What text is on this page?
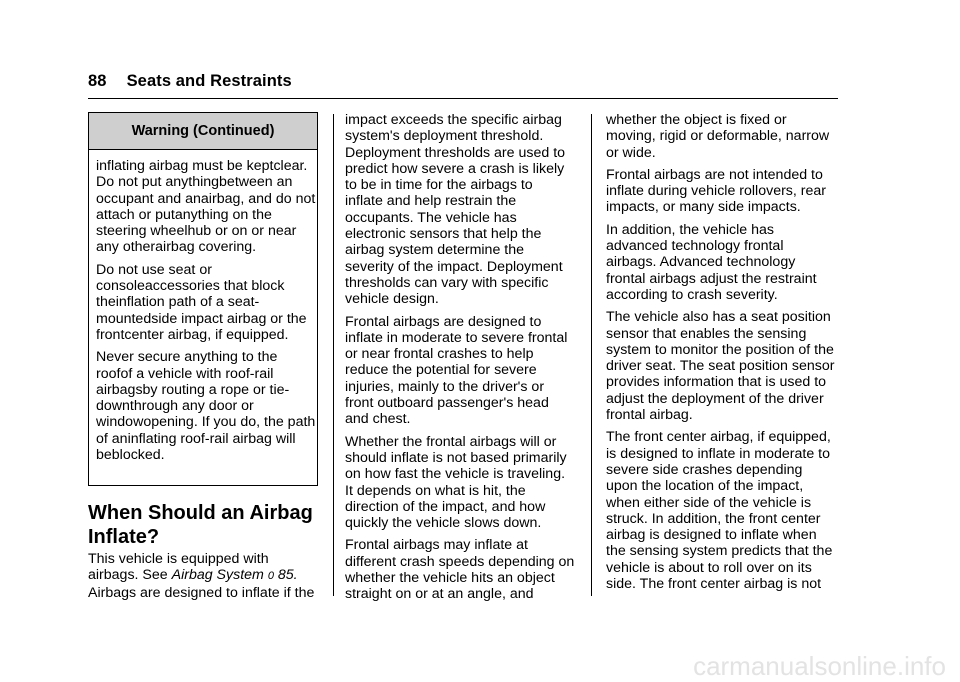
88 Seats and Restraints
Warning (Continued)

inflating airbag must be keptclear. Do not put anythingbetween an occupant and anairbag, and do not attach or putanything on the steering wheelhub or on or near any otherairbag covering.

Do not use seat or consoleaccessories that block theinflation path of a seat-mountedside impact airbag or the frontcenter airbag, if equipped.

Never secure anything to the roofof a vehicle with roof-rail airbagsby routing a rope or tie-downthrough any door or windowopening. If you do, the path of aninflating roof-rail airbag will beblocked.

When Should an Airbag
Inflate?
This vehicle is equipped with
airbags. See Airbag System 0 85.
Airbags are designed to inflate if the

impact exceeds the specific airbag
system's deployment threshold.
Deployment thresholds are used to
predict how severe a crash is likely
to be in time for the airbags to
inflate and help restrain the
occupants. The vehicle has
electronic sensors that help the
airbag system determine the
severity of the impact. Deployment
thresholds can vary with specific
vehicle design.

Frontal airbags are designed to
inflate in moderate to severe frontal
or near frontal crashes to help
reduce the potential for severe
injuries, mainly to the driver's or
front outboard passenger's head
and chest.

Whether the frontal airbags will or
should inflate is not based primarily
on how fast the vehicle is traveling.
It depends on what is hit, the
direction of the impact, and how
quickly the vehicle slows down.

Frontal airbags may inflate at
different crash speeds depending on
whether the vehicle hits an object
straight on or at an angle, and

whether the object is fixed or
moving, rigid or deformable, narrow
or wide.

Frontal airbags are not intended to
inflate during vehicle rollovers, rear
impacts, or many side impacts.

In addition, the vehicle has
advanced technology frontal
airbags. Advanced technology
frontal airbags adjust the restraint
according to crash severity.

The vehicle also has a seat position
sensor that enables the sensing
system to monitor the position of the
driver seat. The seat position sensor
provides information that is used to
adjust the deployment of the driver
frontal airbag.

The front center airbag, if equipped,
is designed to inflate in moderate to
severe side crashes depending
upon the location of the impact,
when either side of the vehicle is
struck. In addition, the front center
airbag is designed to inflate when
the sensing system predicts that the
vehicle is about to roll over on its
side. The front center airbag is not

carmanualsonline.info
